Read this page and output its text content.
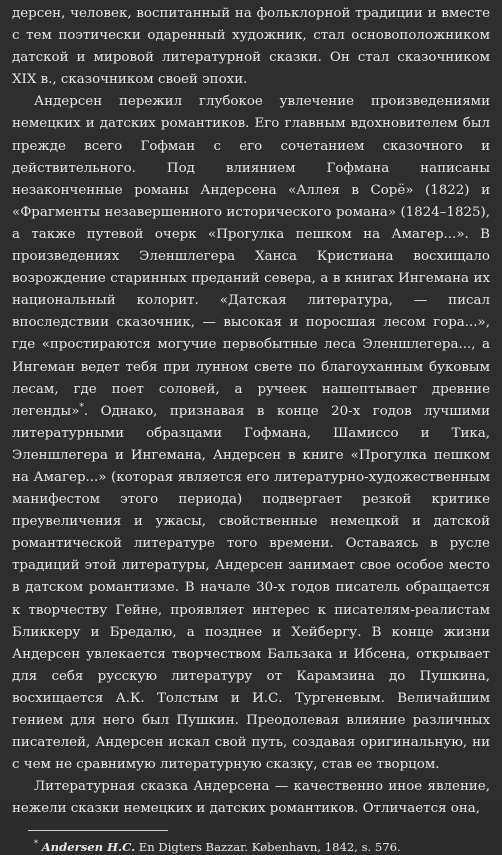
дерсен, человек, воспитанный на фольклорной традиции и вместе с тем поэтически одаренный художник, стал основоположником датской и мировой литературной сказки. Он стал сказочником XIX в., сказочником своей эпохи.

Андерсен пережил глубокое увлечение произведениями немецких и датских романтиков. Его главным вдохновителем был прежде всего Гофман с его сочетанием сказочного и действительного. Под влиянием Гофмана написаны незаконченные романы Андерсена «Аллея в Сорё» (1822) и «Фрагменты незавершенного исторического романа» (1824–1825), а также путевой очерк «Прогулка пешком на Амагер...». В произведениях Эленшлегера Ханса Кристиана восхищало возрождение старинных преданий севера, а в книгах Ингемана их национальный колорит. «Датская литература, — писал впоследствии сказочник, — высокая и поросшая лесом гора...», где «простираются могучие первобытные леса Эленшлегера..., а Ингеман ведет тебя при лунном свете по благоуханным буковым лесам, где поет соловей, а ручеек нашептывает древние легенды»*. Однако, признавая в конце 20-х годов лучшими литературными образцами Гофмана, Шамиссо и Тика, Эленшлегера и Ингемана, Андерсен в книге «Прогулка пешком на Амагер...» (которая является его литературно-художественным манифестом этого периода) подвергает резкой критике преувеличения и ужасы, свойственные немецкой и датской романтической литературе того времени. Оставаясь в русле традиций этой литературы, Андерсен занимает свое особое место в датском романтизме. В начале 30-х годов писатель обращается к творчеству Гейне, проявляет интерес к писателям-реалистам Бликкеру и Бредалю, а позднее и Хейбергу. В конце жизни Андерсен увлекается творчеством Бальзака и Ибсена, открывает для себя русскую литературу от Карамзина до Пушкина, восхищается А.К. Толстым и И.С. Тургеневым. Величайшим гением для него был Пушкин. Преодолевая влияние различных писателей, Андерсен искал свой путь, создавая оригинальную, ни с чем не сравнимую литературную сказку, став ее творцом.

Литературная сказка Андерсена — качественно иное явление, нежели сказки немецких и датских романтиков. Отличается она,

* Andersen H.C. En Digters Bazzar. København, 1842, s. 576.
